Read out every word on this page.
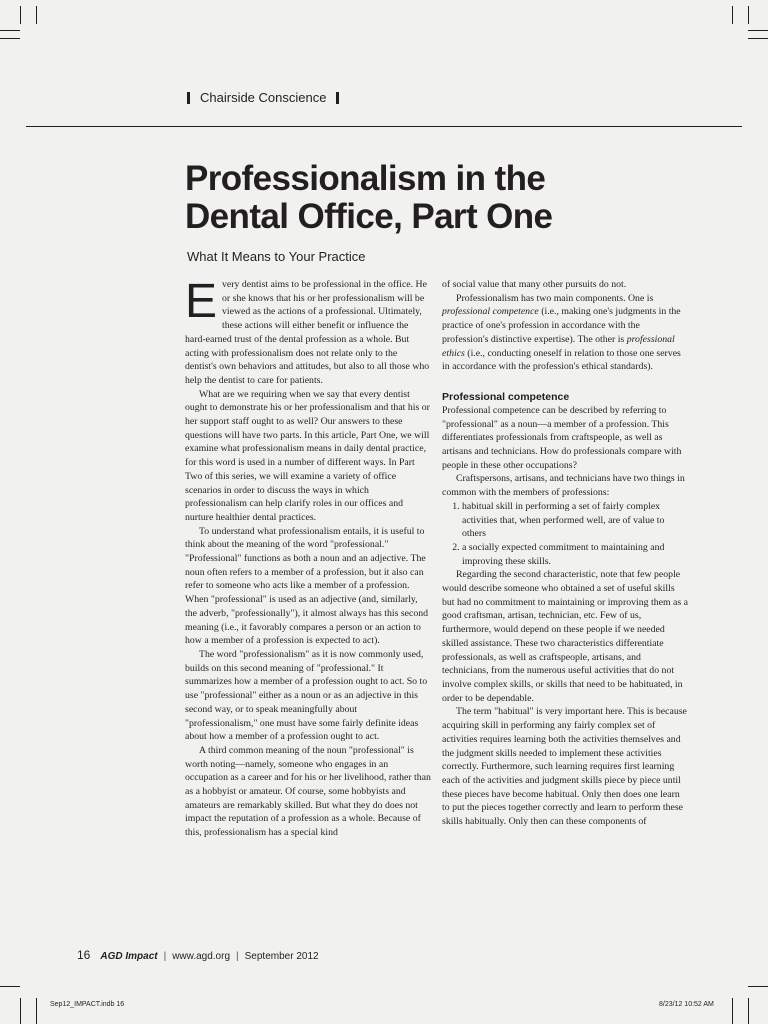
Chairside Conscience
Professionalism in the Dental Office, Part One
What It Means to Your Practice

E very dentist aims to be professional in the office. He or she knows that his or her professionalism will be viewed as the actions of a professional. Ultimately, these actions will either benefit or influence the hard-earned trust of the dental profession as a whole. But acting with professionalism does not relate only to the dentist's own behaviors and attitudes, but also to all those who help the dentist to care for patients.

What are we requiring when we say that every dentist ought to demonstrate his or her professionalism and that his or her support staff ought to as well? Our answers to these questions will have two parts. In this article, Part One, we will examine what professionalism means in daily dental practice, for this word is used in a number of different ways. In Part Two of this series, we will examine a variety of office scenarios in order to discuss the ways in which professionalism can help clarify roles in our offices and nurture healthier dental practices.

To understand what professionalism entails, it is useful to think about the meaning of the word "professional." "Professional" functions as both a noun and an adjective. The noun often refers to a member of a profession, but it also can refer to someone who acts like a member of a profession. When "professional" is used as an adjective (and, similarly, the adverb, "professionally"), it almost always has this second meaning (i.e., it favorably compares a person or an action to how a member of a profession is expected to act).

The word "professionalism" as it is now commonly used, builds on this second meaning of "professional." It summarizes how a member of a profession ought to act. So to use "professional" either as a noun or as an adjective in this second way, or to speak meaningfully about "professionalism," one must have some fairly definite ideas about how a member of a profession ought to act.

A third common meaning of the noun "professional" is worth noting—namely, someone who engages in an occupation as a career and for his or her livelihood, rather than as a hobbyist or amateur. Of course, some hobbyists and amateurs are remarkably skilled. But what they do does not impact the reputation of a profession as a whole. Because of this, professionalism has a special kind

of social value that many other pursuits do not.

Professionalism has two main components. One is professional competence (i.e., making one's judgments in the practice of one's profession in accordance with the profession's distinctive expertise). The other is professional ethics (i.e., conducting oneself in relation to those one serves in accordance with the profession's ethical standards).

Professional competence

Professional competence can be described by referring to "professional" as a noun—a member of a profession. This differentiates professionals from craftspeople, as well as artisans and technicians. How do professionals compare with people in these other occupations?

Craftspersons, artisans, and technicians have two things in common with the members of professions:

1. habitual skill in performing a set of fairly complex activities that, when performed well, are of value to others
2. a socially expected commitment to maintaining and improving these skills.

Regarding the second characteristic, note that few people would describe someone who obtained a set of useful skills but had no commitment to maintaining or improving them as a good craftsman, artisan, technician, etc. Few of us, furthermore, would depend on these people if we needed skilled assistance. These two characteristics differentiate professionals, as well as craftspeople, artisans, and technicians, from the numerous useful activities that do not involve complex skills, or skills that need to be habituated, in order to be dependable.

The term "habitual" is very important here. This is because acquiring skill in performing any fairly complex set of activities requires learning both the activities themselves and the judgment skills needed to implement these activities correctly. Furthermore, such learning requires first learning each of the activities and judgment skills piece by piece until these pieces have become habitual. Only then does one learn to put the pieces together correctly and learn to perform these skills habitually. Only then can these components of

16 AGD Impact | www.agd.org | September 2012
Sep12_IMPACT.indb 16	8/23/12 10:52 AM
